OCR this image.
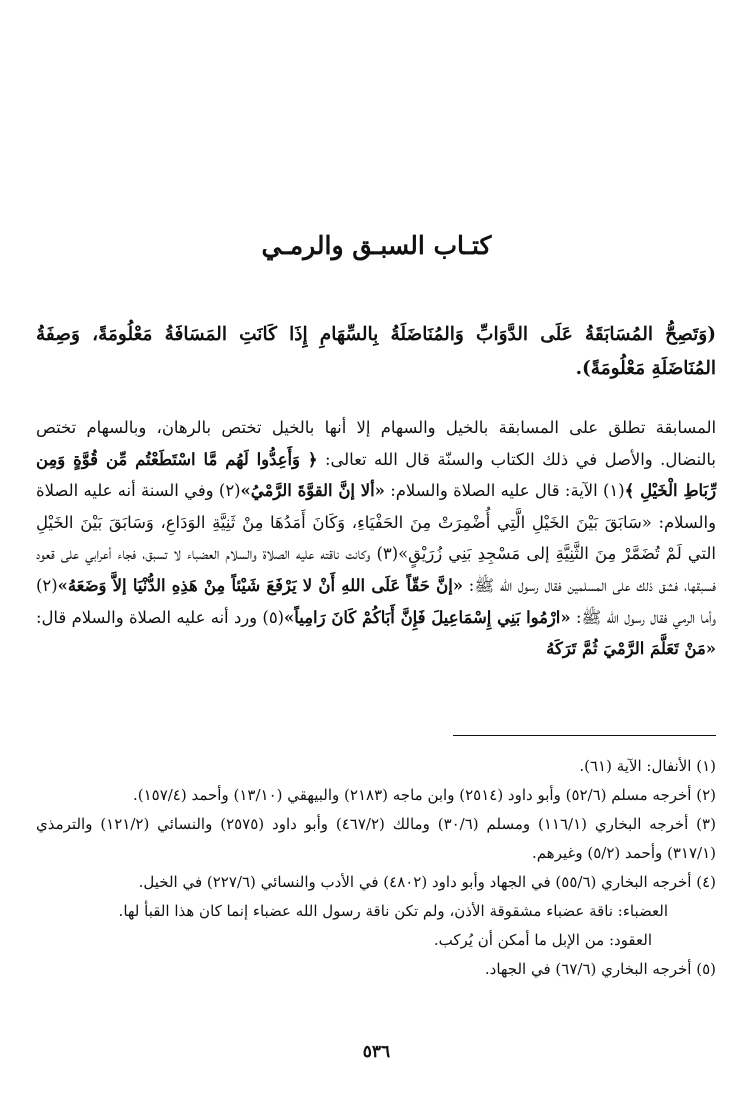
كتـاب السبـق والرمـي
(وَتَصِحُّ المُسَابَقَةُ عَلَى الدَّوَابِّ وَالمُنَاضَلَةُ بِالسِّهَامِ إِذَا كَانَتِ المَسَافَةُ مَعْلُومَةً، وَصِفَةُ المُنَاضَلَةِ مَعْلُومَةً).
المسابقة تطلق على المسابقة بالخيل والسهام إلا أنها بالخيل تختص بالرهان، وبالسهام تختص بالنضال. والأصل في ذلك الكتاب والسنّة قال الله تعالى: ﴿ وَأَعِدُّوا لَهُم مَّا اسْتَطَعْتُم مِّن قُوَّةٍ وَمِن رِّبَاطِ الْخَيْلِ ﴾(١) الآية: قال عليه الصلاة والسلام: «ألا إنَّ القوَّةَ الرَّمْيُ»(٢) وفي السنة أنه عليه الصلاة والسلام: «سَابَقَ بَيْنَ الخَيْلِ الَّتِي أُضْمِرَتْ مِنَ الحَفْيَاءِ، وَكَانَ أَمَدُهَا مِنْ ثَنِيَّةِ الوَدَاعِ، وَسَابَقَ بَيْنَ الخَيْلِ التي لَمْ تُضَمَّرْ مِنَ الثَّنِيَّةِ إلى مَسْجِدِ بَنِي زُرَيْقٍ»(٣) وكانت ناقته عليه الصلاة والسلام العضباء لا تسبق، فجاء أعرابي على قعود فسبقها، فشق ذلك على المسلمين فقال رسول الله ﷺ: «إنَّ حَقّاً عَلَى اللهِ أَنْ لا يَرْفَعَ شَيْئاً مِنْ هَذِهِ الدُّنْيَا إلاَّ وَضَعَهُ»(٢) وأما الرمي فقال رسول الله ﷺ: «ارْمُوا بَنِي إِسْمَاعِيلَ فَإِنَّ أَبَاكُمْ كَانَ رَامِياً»(٥) ورد أنه عليه الصلاة والسلام قال: «مَنْ تَعَلَّمَ الرَّمْيَ ثُمَّ تَرَكَهُ
(١) الأنفال: الآية (٦١).
(٢) أخرجه مسلم (٥٢/٦) وأبو داود (٢٥١٤) وابن ماجه (٢١٨٣) والبيهقي (١٣/١٠) وأحمد (١٥٧/٤).
(٣) أخرجه البخاري (١١٦/١) ومسلم (٣٠/٦) ومالك (٤٦٧/٢) وأبو داود (٢٥٧٥) والنسائي (١٢١/٢) والترمذي (٣١٧/١) وأحمد (٥/٢) وغيرهم.
(٤) أخرجه البخاري (٥٥/٦) في الجهاد وأبو داود (٤٨٠٢) في الأدب والنسائي (٢٢٧/٦) في الخيل.
العضباء: ناقة عضباء مشقوقة الأذن، ولم تكن ناقة رسول الله عضباء إنما كان هذا القبأ لها.
العقود: من الإبل ما أمكن أن يُركب.
(٥) أخرجه البخاري (٦٧/٦) في الجهاد.
٥٣٦
